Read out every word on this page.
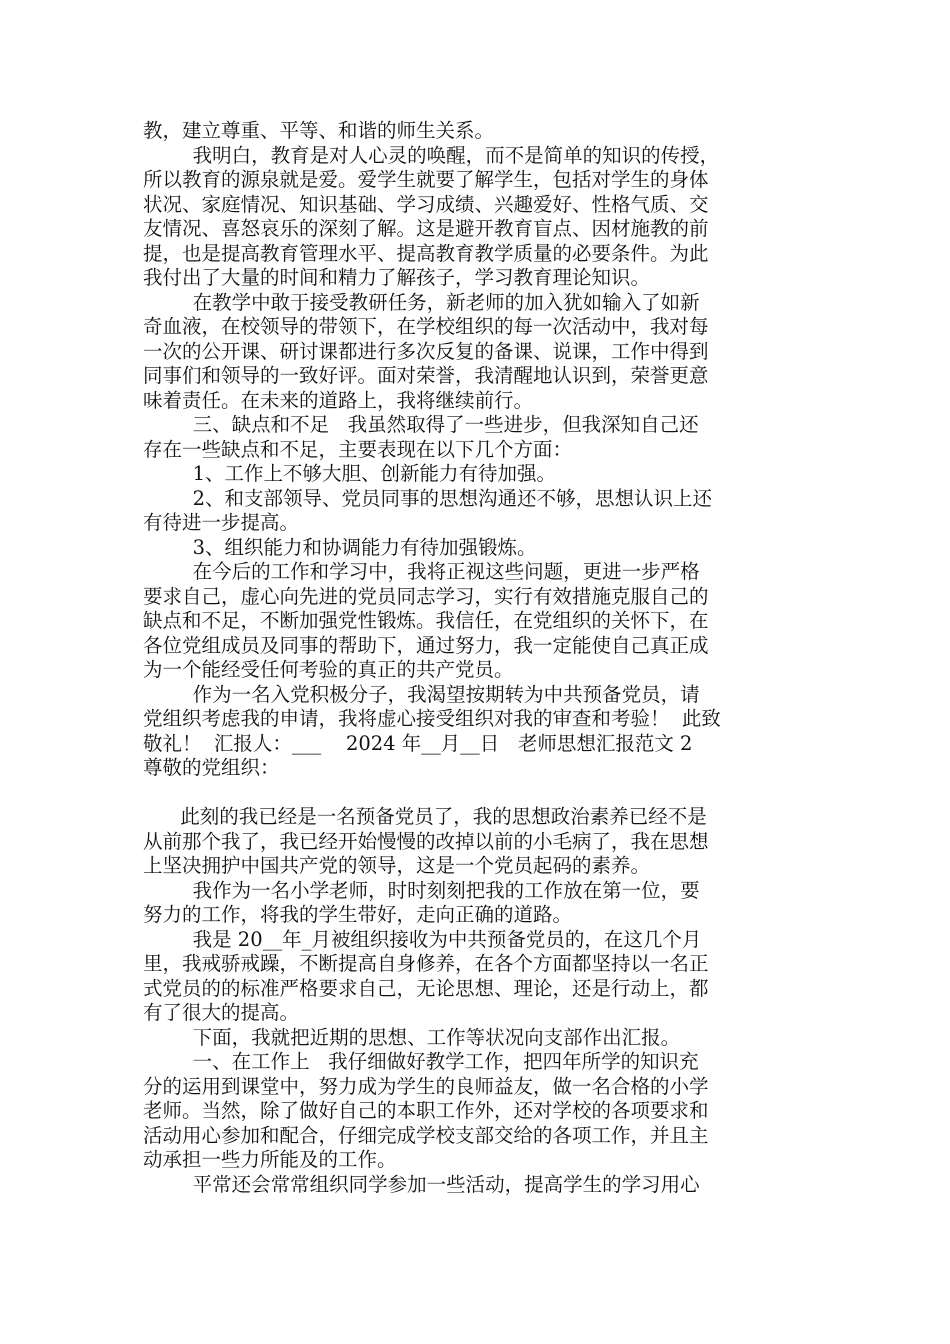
教，建立尊重、平等、和谐的师生关系。
我明白，教育是对人心灵的唤醒，而不是简单的知识的传授，
所以教育的源泉就是爱。爱学生就要了解学生，包括对学生的身体
状况、家庭情况、知识基础、学习成绩、兴趣爱好、性格气质、交
友情况、喜怒哀乐的深刻了解。这是避开教育盲点、因材施教的前
提，也是提高教育管理水平、提高教育教学质量的必要条件。为此
我付出了大量的时间和精力了解孩子，学习教育理论知识。
在教学中敢于接受教研任务，新老师的加入犹如输入了如新
奇血液，在校领导的带领下，在学校组织的每一次活动中，我对每
一次的公开课、研讨课都进行多次反复的备课、说课，工作中得到
同事们和领导的一致好评。面对荣誉，我清醒地认识到，荣誉更意
味着责任。在未来的道路上，我将继续前行。
三、缺点和不足   我虽然取得了一些进步，但我深知自己还
存在一些缺点和不足，主要表现在以下几个方面：
1、工作上不够大胆、创新能力有待加强。
2、和支部领导、党员同事的思想沟通还不够，思想认识上还
有待进一步提高。
3、组织能力和协调能力有待加强锻炼。
在今后的工作和学习中，我将正视这些问题，更进一步严格
要求自己，虚心向先进的党员同志学习，实行有效措施克服自己的
缺点和不足，不断加强党性锻炼。我信任，在党组织的关怀下，在
各位党组成员及同事的帮助下，通过努力，我一定能使自己真正成
为一个能经受任何考验的真正的共产党员。
作为一名入党积极分子，我渴望按期转为中共预备党员，请
党组织考虑我的申请，我将虚心接受组织对我的审查和考验！  此致
敬礼！  汇报人：___    2024 年__月__日   老师思想汇报范文 2
尊敬的党组织：
此刻的我已经是一名预备党员了，我的思想政治素养已经不是
从前那个我了，我已经开始慢慢的改掉以前的小毛病了，我在思想
上坚决拥护中国共产党的领导，这是一个党员起码的素养。
我作为一名小学老师，时时刻刻把我的工作放在第一位，要
努力的工作，将我的学生带好，走向正确的道路。
我是 20__年_月被组织接收为中共预备党员的，在这几个月
里，我戒骄戒躁，不断提高自身修养，在各个方面都坚持以一名正
式党员的的标准严格要求自己，无论思想、理论，还是行动上，都
有了很大的提高。
下面，我就把近期的思想、工作等状况向支部作出汇报。
一、在工作上   我仔细做好教学工作，把四年所学的知识充
分的运用到课堂中，努力成为学生的良师益友，做一名合格的小学
老师。当然，除了做好自己的本职工作外，还对学校的各项要求和
活动用心参加和配合，仔细完成学校支部交给的各项工作，并且主
动承担一些力所能及的工作。
平常还会常常组织同学参加一些活动，提高学生的学习用心
